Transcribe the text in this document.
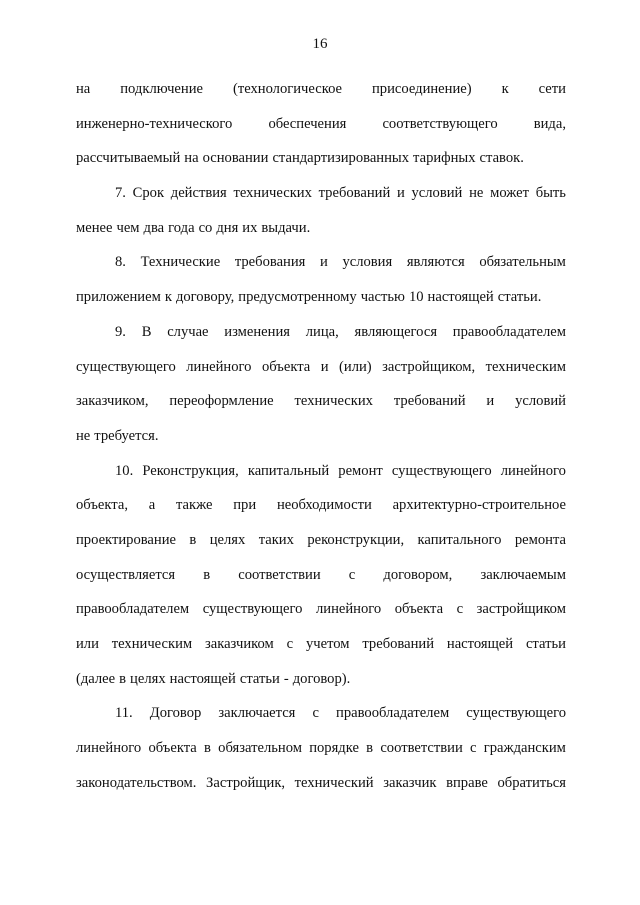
16
на подключение (технологическое присоединение) к сети
инженерно-технического обеспечения соответствующего вида,
рассчитываемый на основании стандартизированных тарифных ставок.
7. Срок действия технических требований и условий не может быть
менее чем два года со дня их выдачи.
8. Технические требования и условия являются обязательным
приложением к договору, предусмотренному частью 10 настоящей статьи.
9. В случае изменения лица, являющегося правообладателем
существующего линейного объекта и (или) застройщиком, техническим
заказчиком, переоформление технических требований и условий
не требуется.
10. Реконструкция, капитальный ремонт существующего линейного
объекта, а также при необходимости архитектурно-строительное
проектирование в целях таких реконструкции, капитального ремонта
осуществляется в соответствии с договором, заключаемым
правообладателем существующего линейного объекта с застройщиком
или техническим заказчиком с учетом требований настоящей статьи
(далее в целях настоящей статьи - договор).
11. Договор заключается с правообладателем существующего
линейного объекта в обязательном порядке в соответствии с гражданским
законодательством. Застройщик, технический заказчик вправе обратиться
